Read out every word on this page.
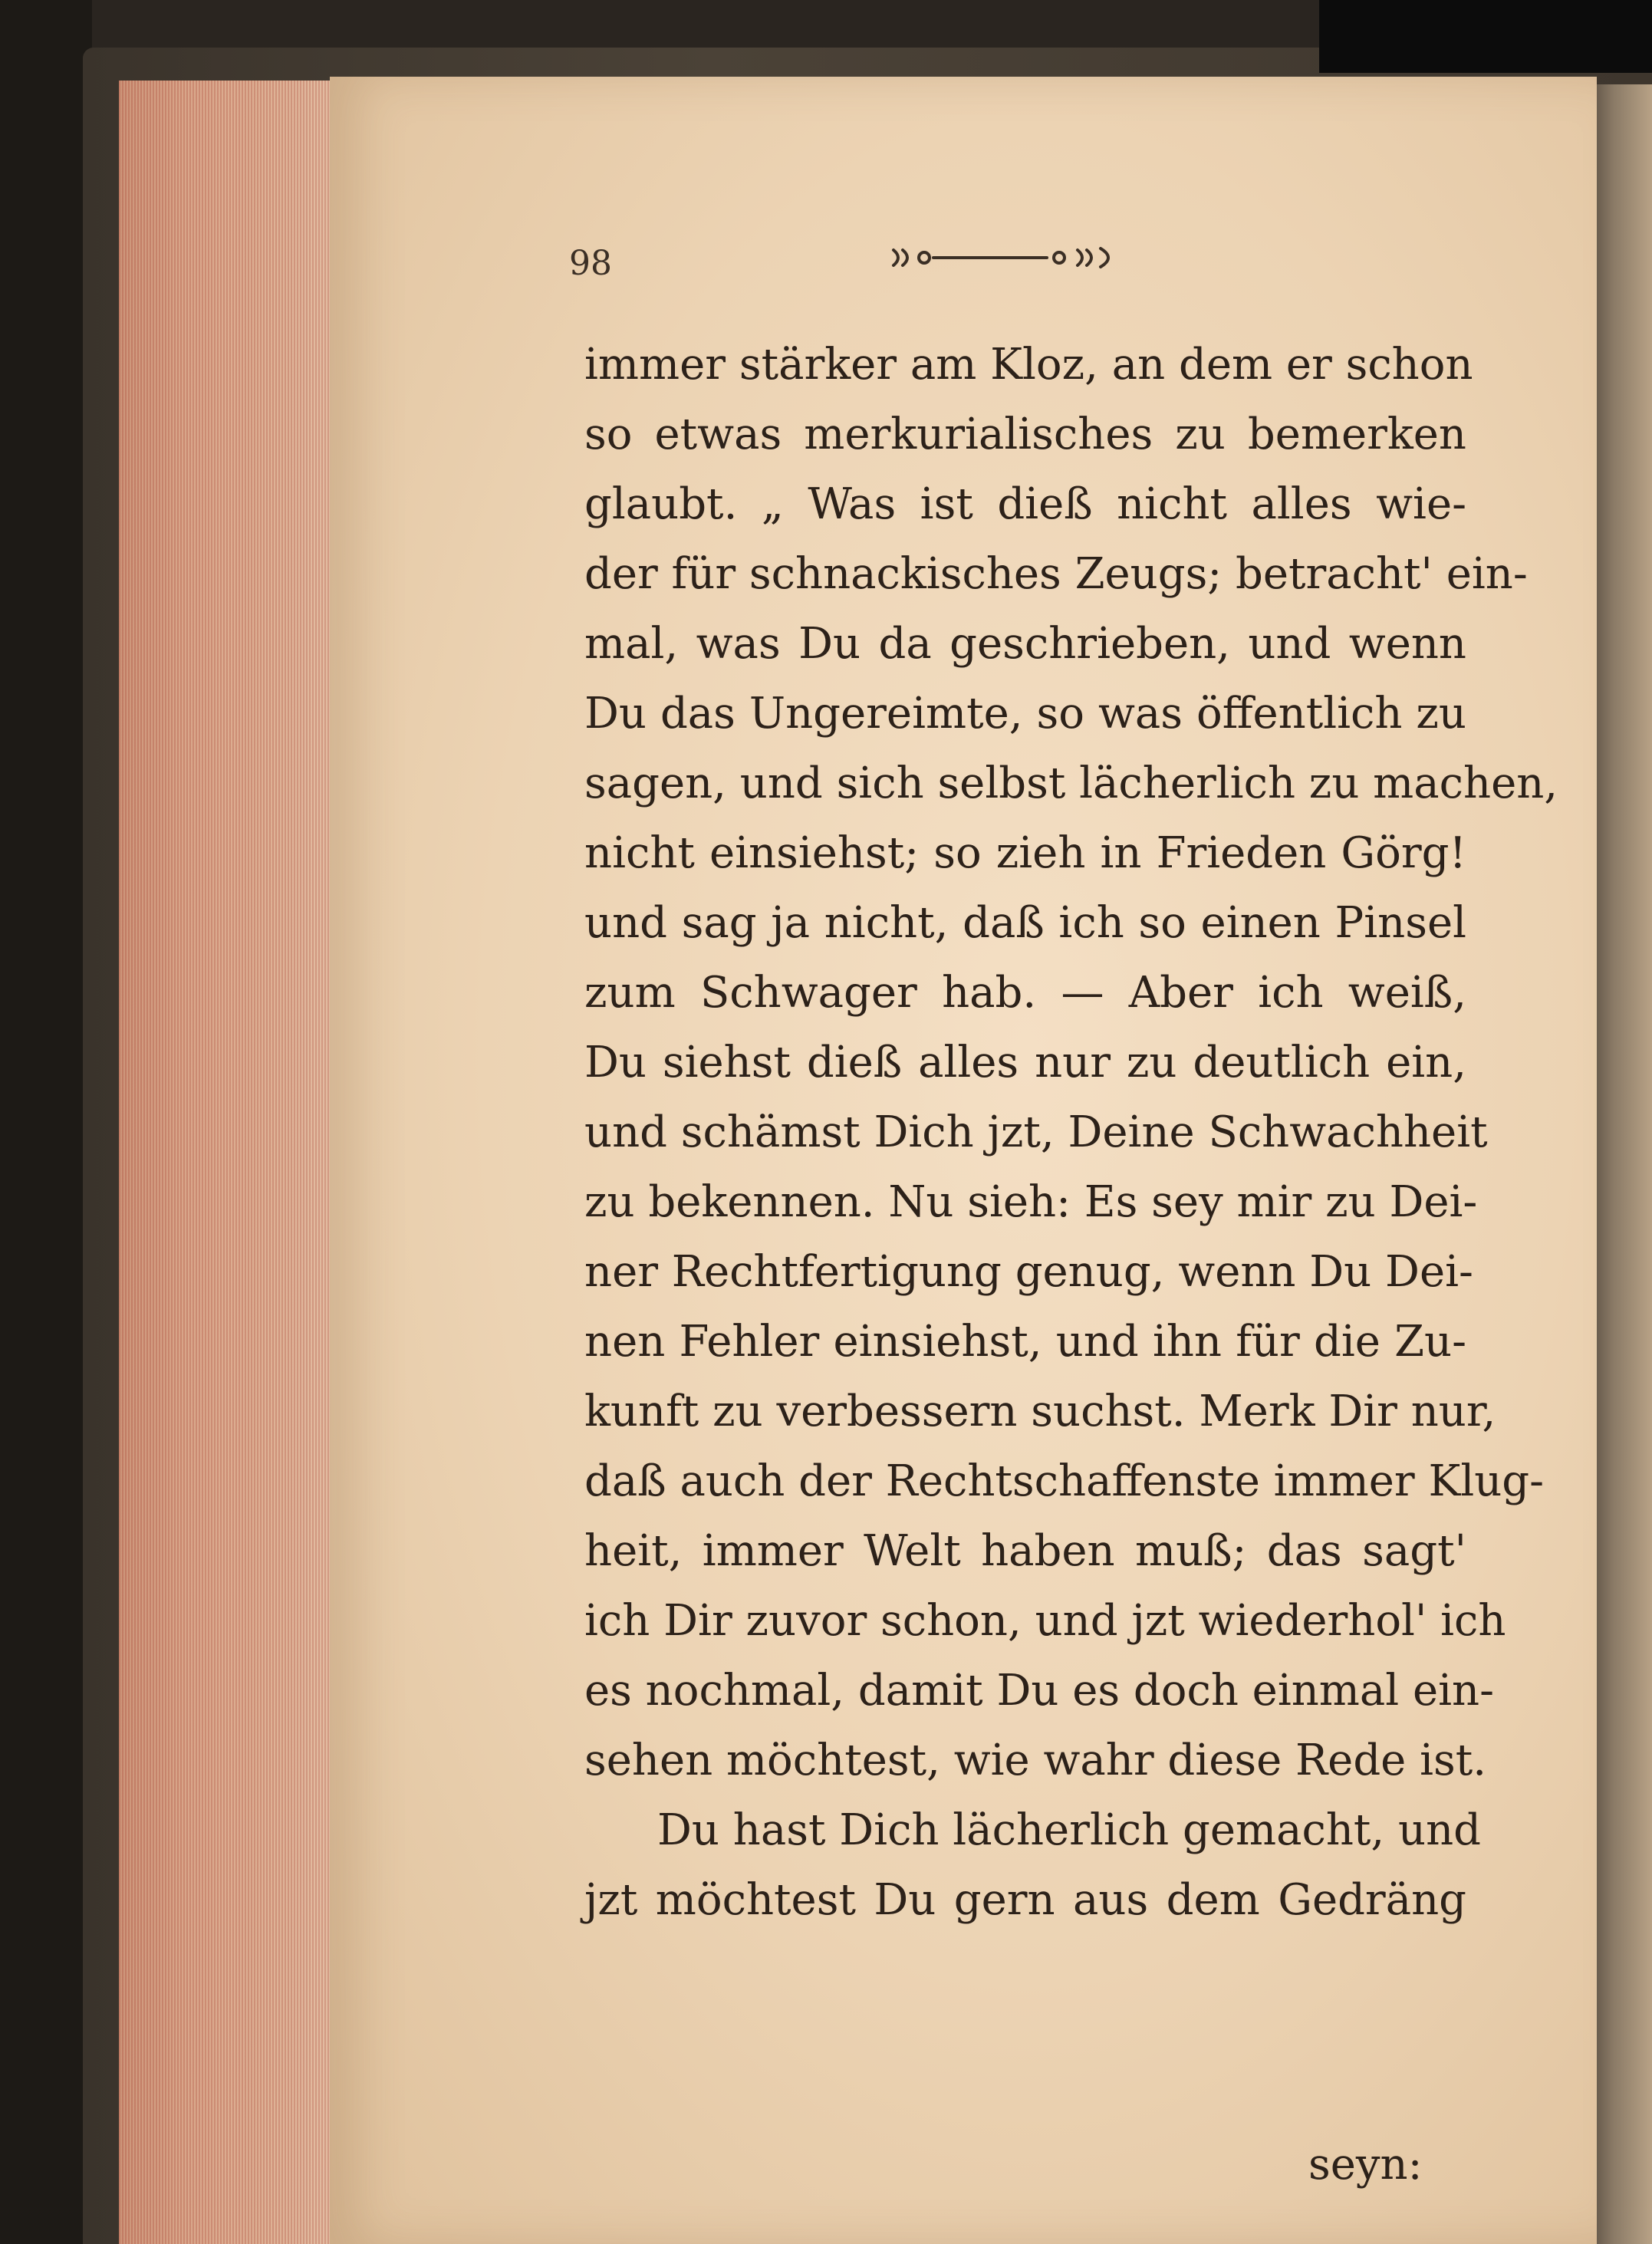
98
immer stärker am Kloz, an dem er schon
so etwas merkurialisches zu bemerken
glaubt. „ Was ist dieß nicht alles wie-
der für schnackisches Zeugs; betracht' ein-
mal, was Du da geschrieben, und wenn
Du das Ungereimte, so was öffentlich zu
sagen, und sich selbst lächerlich zu machen,
nicht einsiehst; so zieh in Frieden Görg!
und sag ja nicht, daß ich so einen Pinsel
zum Schwager hab. — Aber ich weiß,
Du siehst dieß alles nur zu deutlich ein,
und schämst Dich jzt, Deine Schwachheit
zu bekennen. Nu sieh: Es sey mir zu Dei-
ner Rechtfertigung genug, wenn Du Dei-
nen Fehler einsiehst, und ihn für die Zu-
kunft zu verbessern suchst. Merk Dir nur,
daß auch der Rechtschaffenste immer Klug-
heit, immer Welt haben muß; das sagt'
ich Dir zuvor schon, und jzt wiederhol' ich
es nochmal, damit Du es doch einmal ein-
sehen möchtest, wie wahr diese Rede ist.
Du hast Dich lächerlich gemacht, und
jzt möchtest Du gern aus dem Gedräng
seyn:
